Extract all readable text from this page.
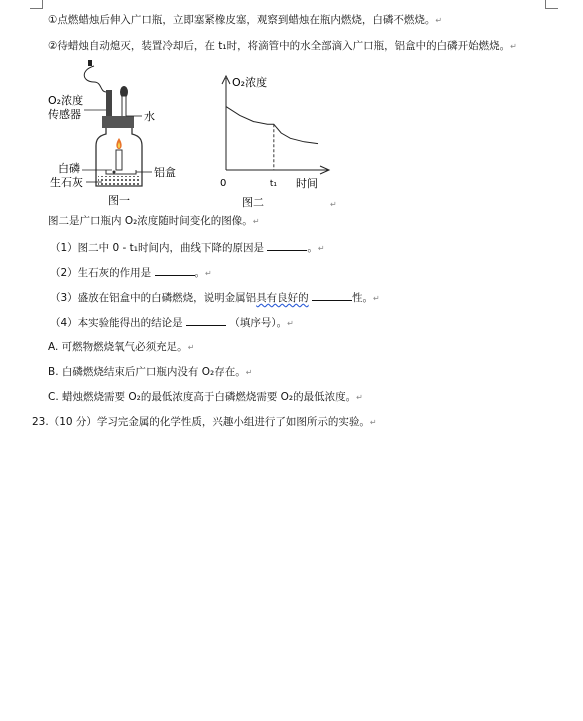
①点燃蜡烛后伸入广口瓶，立即塞紧橡皮塞，观察到蜡烛在瓶内燃烧，白磷不燃烧。↵
②待蜡烛自动熄灭，装置冷却后，在 t₁时，将滴管中的水全部滴入广口瓶，铝盒中的白磷开始燃烧。↵
O₂浓度
传感器	水
白磷
生石灰
铝盒
图一
O₂浓度
0	t₁ 时间
图二	↵
图二是广口瓶内 O₂浓度随时间变化的图像。↵
（1）图二中 0 - t₁时间内，曲线下降的原因是	。↵
（2）生石灰的作用是	。↵
（3）盛放在铝盒中的白磷燃烧，说明金属铝具有良好的	性。↵
（4）本实验能得出的结论是	（填序号）。↵
A. 可燃物燃烧氧气必须充足。↵
B. 白磷燃烧结束后广口瓶内没有 O₂存在。↵
C. 蜡烛燃烧需要 O₂的最低浓度高于白磷燃烧需要 O₂的最低浓度。↵
23.（10 分）学习完金属的化学性质，兴趣小组进行了如图所示的实验。↵
